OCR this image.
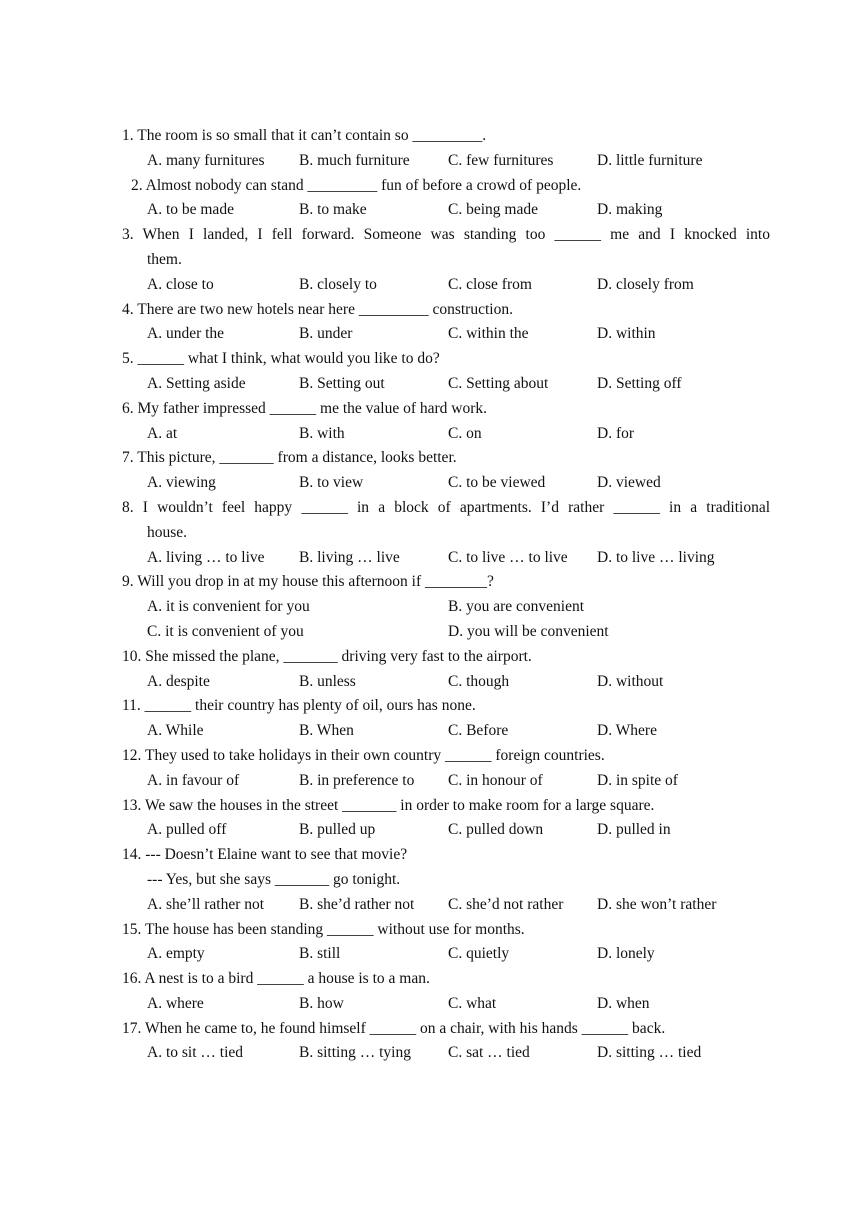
1. The room is so small that it can’t contain so _________.
A. many furnitures	B. much furniture	C. few furnitures	D. little furniture
2. Almost nobody can stand _________ fun of before a crowd of people.
A. to be made	B. to make	C. being made	D. making
3. When I landed, I fell forward. Someone was standing too ______ me and I knocked into
them.
A. close to	B. closely to	C. close from	D. closely from
4. There are two new hotels near here _________ construction.
A. under the	B. under	C. within the	D. within
5. ______ what I think, what would you like to do?
A. Setting aside	B. Setting out	C. Setting about	D. Setting off
6. My father impressed ______ me the value of hard work.
A. at	B. with	C. on	D. for
7. This picture, _______ from a distance, looks better.
A. viewing	B. to view	C. to be viewed	D. viewed
8. I wouldn’t feel happy ______ in a block of apartments. I’d rather ______ in a traditional
house.
A. living … to live	B. living … live	C. to live … to live	D. to live … living
9. Will you drop in at my house this afternoon if ________?
A. it is convenient for you	B. you are convenient
C. it is convenient of you	D. you will be convenient
10. She missed the plane, _______ driving very fast to the airport.
A. despite	B. unless	C. though	D. without
11. ______ their country has plenty of oil, ours has none.
A. While	B. When	C. Before	D. Where
12. They used to take holidays in their own country ______ foreign countries.
A. in favour of	B. in preference to	C. in honour of	D. in spite of
13. We saw the houses in the street _______ in order to make room for a large square.
A. pulled off	B. pulled up	C. pulled down	D. pulled in
14. --- Doesn’t Elaine want to see that movie?
--- Yes, but she says _______ go tonight.
A. she’ll rather not	B. she’d rather not	C. she’d not rather	D. she won’t rather
15. The house has been standing ______ without use for months.
A. empty	B. still	C. quietly	D. lonely
16. A nest is to a bird ______ a house is to a man.
A. where	B. how	C. what	D. when
17. When he came to, he found himself ______ on a chair, with his hands ______ back.
A. to sit … tied	B. sitting … tying	C. sat … tied	D. sitting … tied
